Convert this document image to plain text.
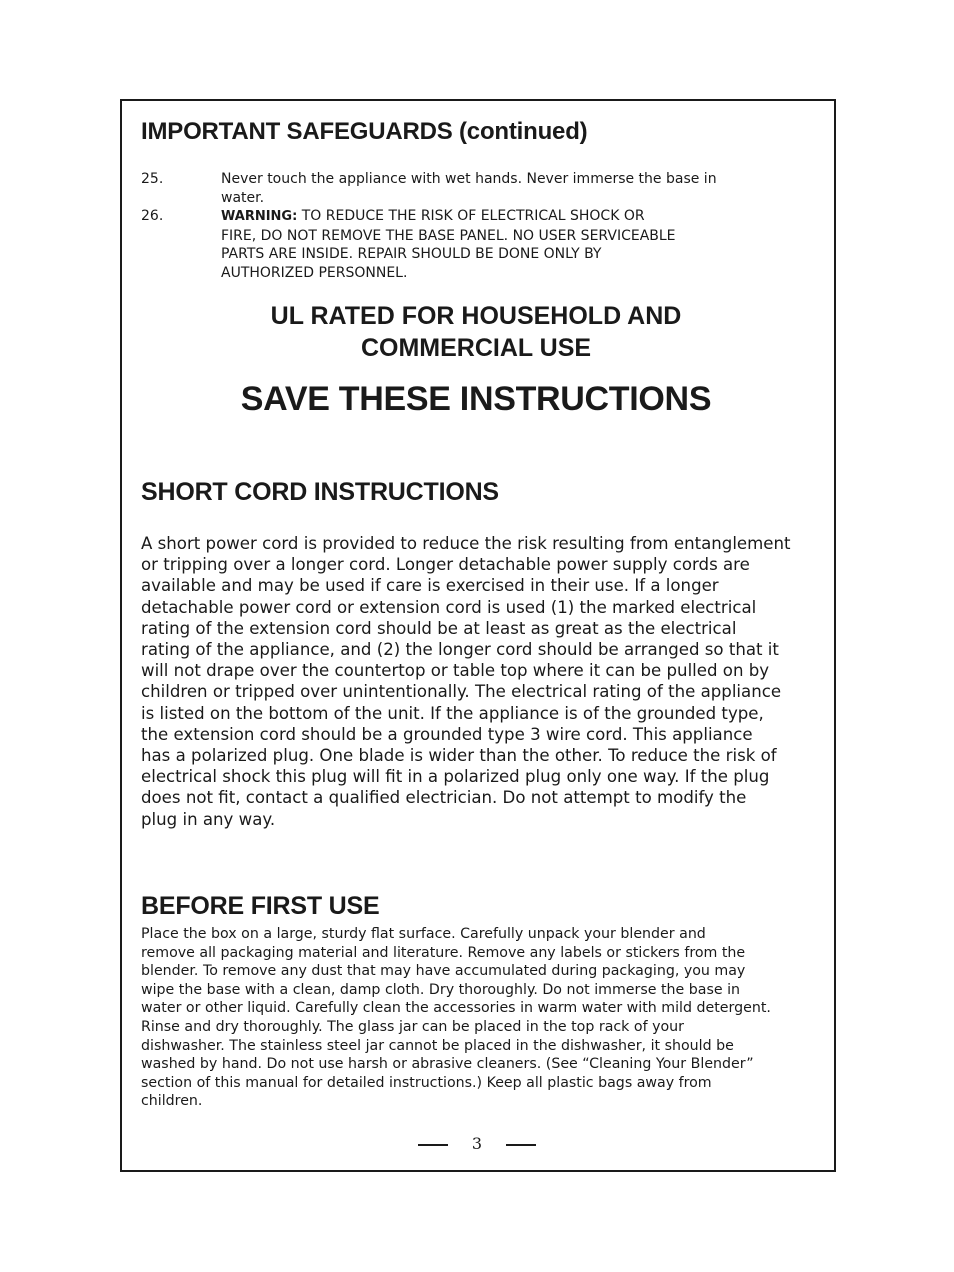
IMPORTANT SAFEGUARDS (continued)
25.	Never touch the appliance with wet hands. Never immerse the base in
water.
26.	WARNING: TO REDUCE THE RISK OF ELECTRICAL SHOCK OR
FIRE, DO NOT REMOVE THE BASE PANEL. NO USER SERVICEABLE
PARTS ARE INSIDE. REPAIR SHOULD BE DONE ONLY BY
AUTHORIZED PERSONNEL.
UL RATED FOR HOUSEHOLD AND
COMMERCIAL USE
SAVE THESE INSTRUCTIONS
SHORT CORD INSTRUCTIONS
A short power cord is provided to reduce the risk resulting from entanglement
or tripping over a longer cord. Longer detachable power supply cords are
available and may be used if care is exercised in their use. If a longer
detachable power cord or extension cord is used (1) the marked electrical
rating of the extension cord should be at least as great as the electrical
rating of the appliance, and (2) the longer cord should be arranged so that it
will not drape over the countertop or table top where it can be pulled on by
children or tripped over unintentionally. The electrical rating of the appliance
is listed on the bottom of the unit. If the appliance is of the grounded type,
the extension cord should be a grounded type 3 wire cord. This appliance
has a polarized plug. One blade is wider than the other. To reduce the risk of
electrical shock this plug will fit in a polarized plug only one way. If the plug
does not fit, contact a qualified electrician. Do not attempt to modify the
plug in any way.
BEFORE FIRST USE
Place the box on a large, sturdy flat surface. Carefully unpack your blender and
remove all packaging material and literature. Remove any labels or stickers from the
blender. To remove any dust that may have accumulated during packaging, you may
wipe the base with a clean, damp cloth. Dry thoroughly. Do not immerse the base in
water or other liquid. Carefully clean the accessories in warm water with mild detergent.
Rinse and dry thoroughly. The glass jar can be placed in the top rack of your
dishwasher. The stainless steel jar cannot be placed in the dishwasher, it should be
washed by hand. Do not use harsh or abrasive cleaners. (See “Cleaning Your Blender”
section of this manual for detailed instructions.) Keep all plastic bags away from
children.
3
